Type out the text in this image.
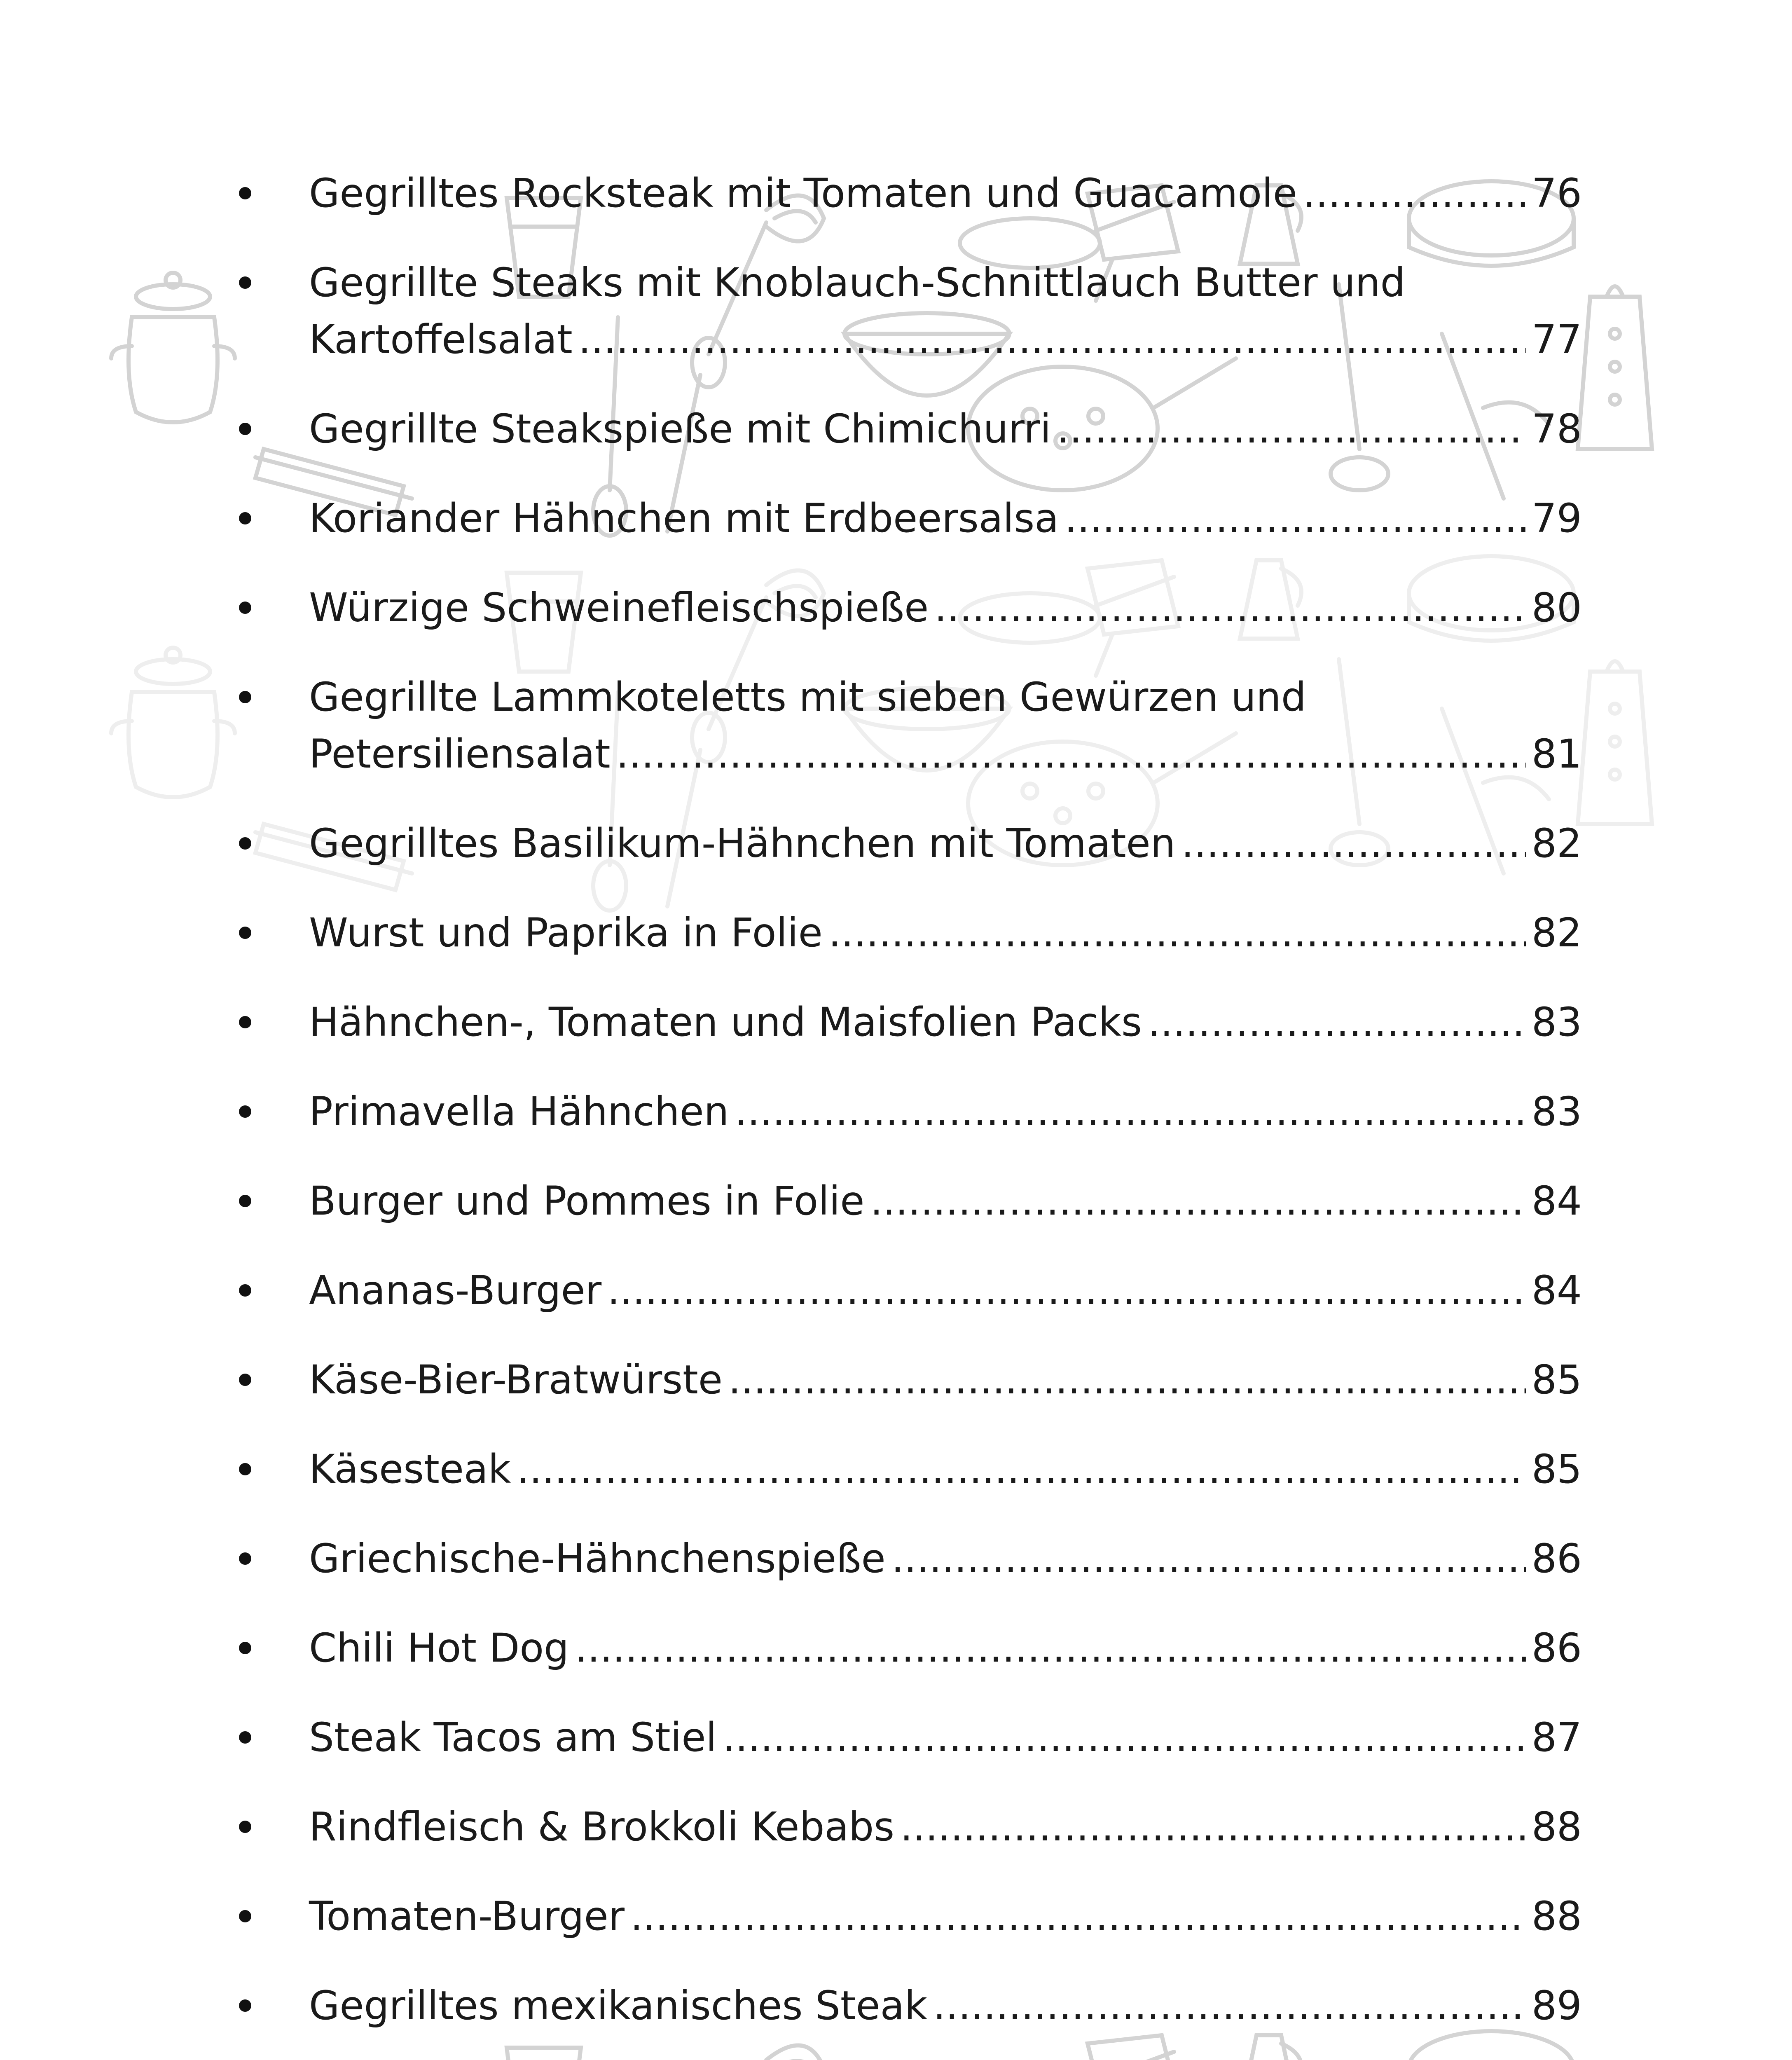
Gegrilltes Rocksteak mit Tomaten und Guacamole .....	76
Gegrillte Steaks mit Knoblauch-Schnittlauch Butter und
Kartoffelsalat .....	77
Gegrillte Steakspieße mit Chimichurri .....	78
Koriander Hähnchen mit Erdbeersalsa .....	79
Würzige Schweinefleischspieße .....	80
Gegrillte Lammkoteletts mit sieben Gewürzen und
Petersiliensalat .....	81
Gegrilltes Basilikum-Hähnchen mit Tomaten .....	82
Wurst und Paprika in Folie .....	82
Hähnchen-, Tomaten und Maisfolien Packs .....	83
Primavella Hähnchen .....	83
Burger und Pommes in Folie .....	84
Ananas-Burger .....	84
Käse-Bier-Bratwürste .....	85
Käsesteak .....	85
Griechische-Hähnchenspieße .....	86
Chili Hot Dog .....	86
Steak Tacos am Stiel .....	87
Rindfleisch & Brokkoli Kebabs .....	88
Tomaten-Burger .....	88
Gegrilltes mexikanisches Steak .....	89
